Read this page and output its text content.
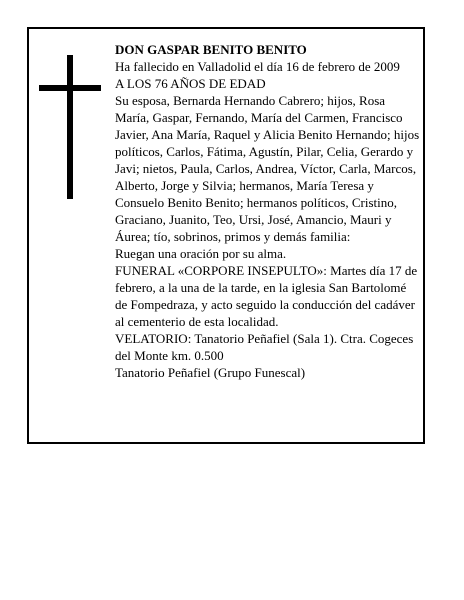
DON GASPAR BENITO BENITO

Ha fallecido en Valladolid el día 16 de febrero de 2009

A LOS 76 AÑOS DE EDAD

Su esposa, Bernarda Hernando Cabrero; hijos, Rosa María, Gaspar, Fernando, María del Carmen, Francisco Javier, Ana María, Raquel y Alicia Benito Hernando; hijos políticos, Carlos, Fátima, Agustín, Pilar, Celia, Gerardo y Javi; nietos, Paula, Carlos, Andrea, Víctor, Carla, Marcos, Alberto, Jorge y Silvia; hermanos, María Teresa y Consuelo Benito Benito; hermanos políticos, Cristino, Graciano, Juanito, Teo, Ursi, José, Amancio, Mauri y Áurea; tío, sobrinos, primos y demás familia:

Ruegan una oración por su alma.

FUNERAL «CORPORE INSEPULTO»: Martes día 17 de febrero, a la una de la tarde, en la iglesia San Bartolomé de Fompedraza, y acto seguido la conducción del cadáver al cementerio de esta localidad.

VELATORIO: Tanatorio Peñafiel (Sala 1). Ctra. Cogeces del Monte km. 0.500

Tanatorio Peñafiel (Grupo Funescal)
